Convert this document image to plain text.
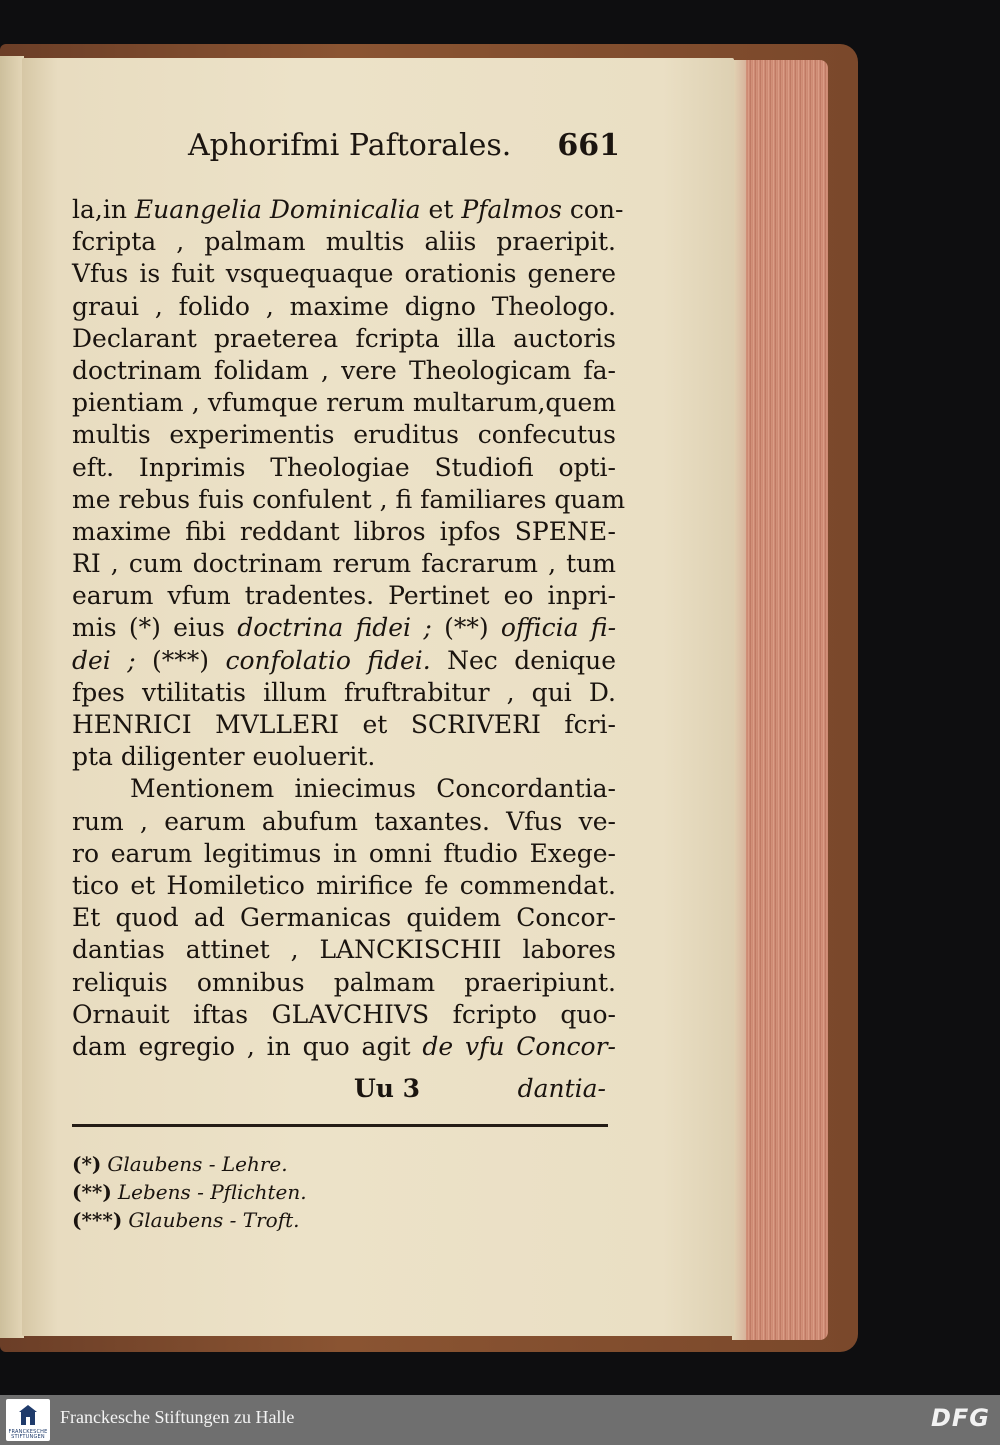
Aphorifmi Paftorales. 661
la,in Euangelia Dominicalia et Pfalmos con-
fcripta , palmam multis aliis praeripit.
Vfus is fuit vsquequaque orationis genere
graui , folido , maxime digno Theologo.
Declarant praeterea fcripta illa auctoris
doctrinam folidam , vere Theologicam fa-
pientiam , vfumque rerum multarum,quem
multis experimentis eruditus confecutus
eft. Inprimis Theologiae Studiofi opti-
me rebus fuis confulent , fi familiares quam
maxime fibi reddant libros ipfos SPENE-
RI , cum doctrinam rerum facrarum , tum
earum vfum tradentes. Pertinet eo inpri-
mis (*) eius doctrina fidei ; (**) officia fi-
dei ; (***) confolatio fidei. Nec denique
fpes vtilitatis illum fruftrabitur , qui D.
HENRICI MVLLERI et SCRIVERI fcri-
pta diligenter euoluerit.
Mentionem iniecimus Concordantia-
rum , earum abufum taxantes. Vfus ve-
ro earum legitimus in omni ftudio Exege-
tico et Homiletico mirifice fe commendat.
Et quod ad Germanicas quidem Concor-
dantias attinet , LANCKISCHII labores
reliquis omnibus palmam praeripiunt.
Ornauit iftas GLAVCHIVS fcripto quo-
dam egregio , in quo agit de vfu Concor-
Uu 3	dantia-
(*) Glaubens - Lehre.
(**) Lebens - Pflichten.
(***) Glaubens - Troft.
FRANCKESCHE STIFTUNGEN
Franckesche Stiftungen zu Halle	DFG
